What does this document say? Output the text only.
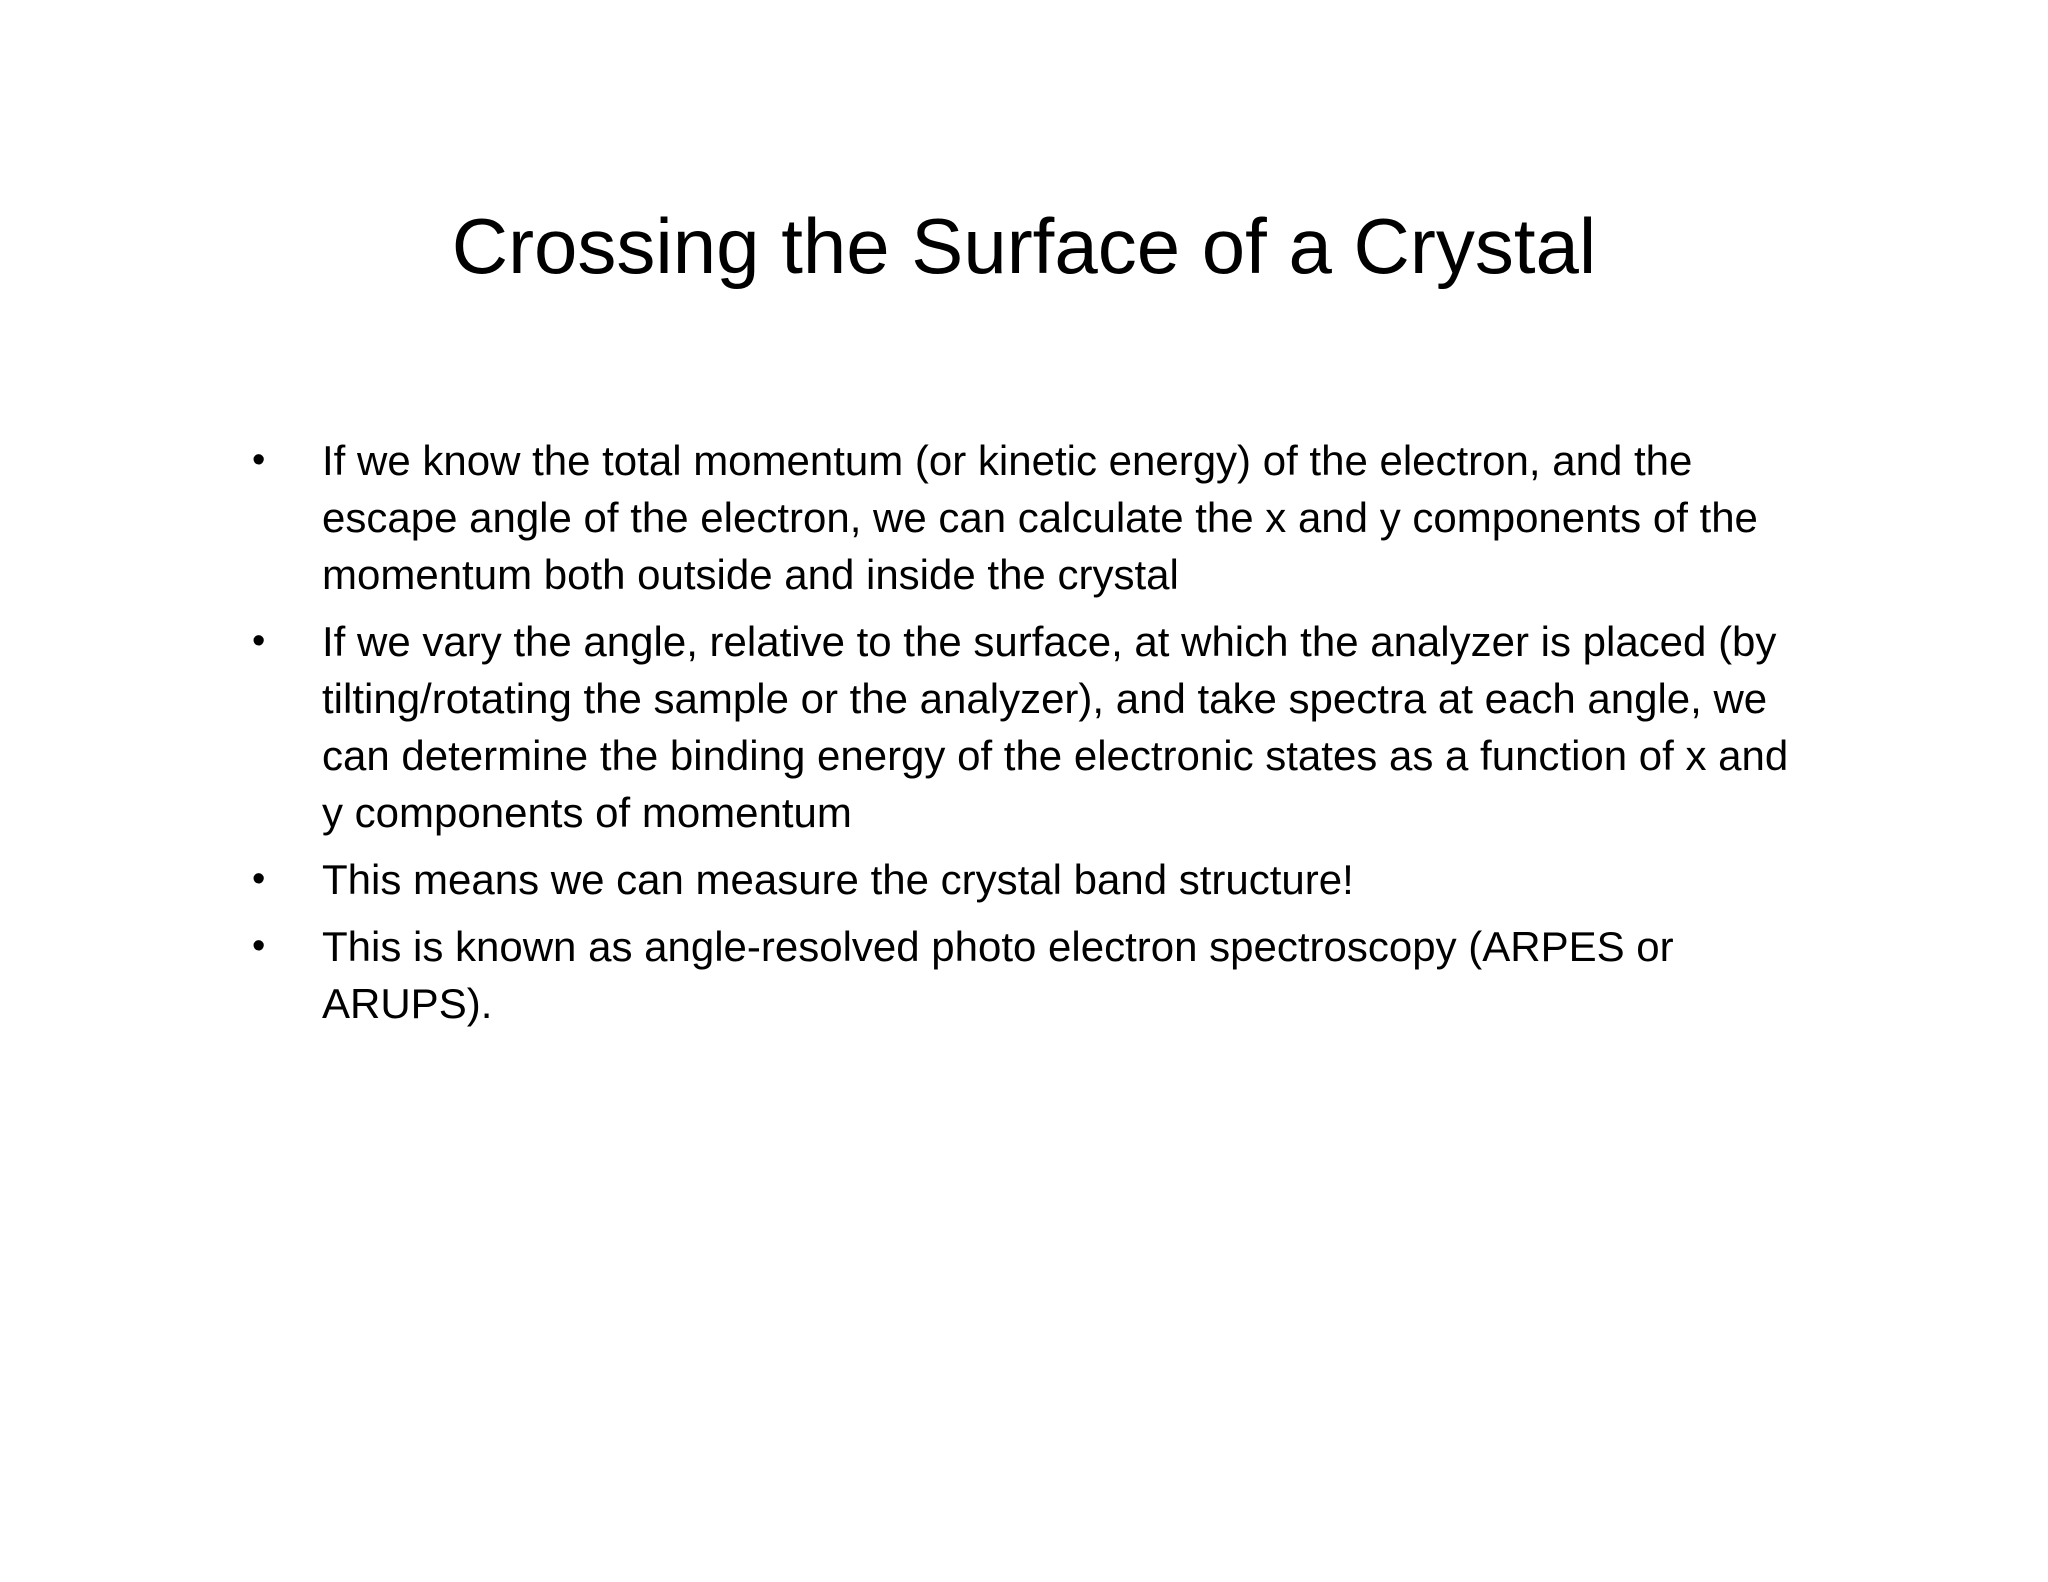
Crossing the Surface of a Crystal
•	If we know the total momentum (or kinetic energy) of the electron, and the escape angle of the electron, we can calculate the x and y components of the momentum both outside and inside the crystal
•	If we vary the angle, relative to the surface, at which the analyzer is placed (by tilting/rotating the sample or the analyzer), and take spectra at each angle, we can determine the binding energy of the electronic states as a function of x and y components of momentum
•	This means we can measure the crystal band structure!
•	This is known as angle-resolved photo electron spectroscopy (ARPES or ARUPS).
